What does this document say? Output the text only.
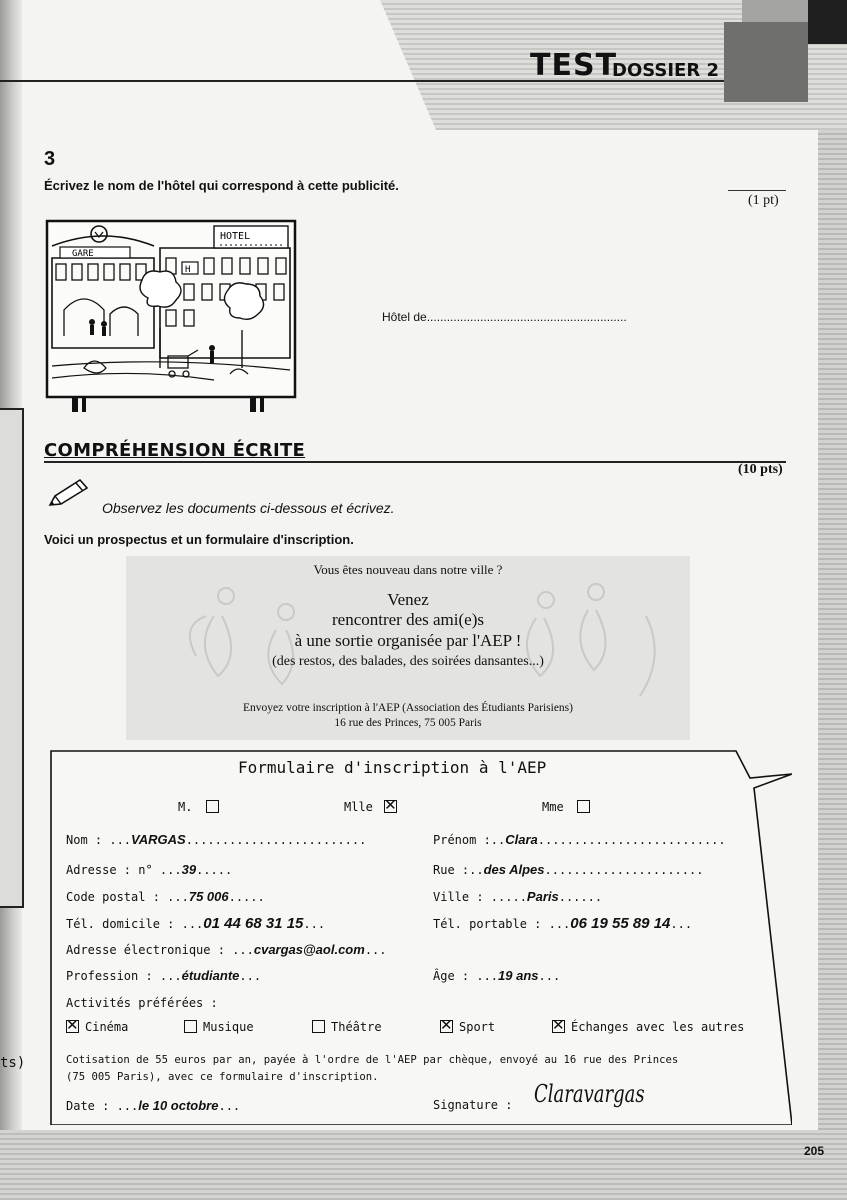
ts)
TEST
DOSSIER 2
3
Écrivez le nom de l'hôtel qui correspond à cette publicité.
(1 pt)
GARE
HOTEL
H
Hôtel de............................................................
COMPRÉHENSION ÉCRITE
(10 pts)
Observez les documents ci-dessous et écrivez.
Voici un prospectus et un formulaire d'inscription.
Vous êtes nouveau dans notre ville ?
Venez
rencontrer des ami(e)s
à une sortie organisée par l'AEP !
(des restos, des balades, des soirées dansantes...)
Envoyez votre inscription à l'AEP (Association des Étudiants Parisiens)
16 rue des Princes, 75 005 Paris
Formulaire d'inscription à l'AEP
M.	Mlle ✕	Mme
Nom : ...VARGAS.........................	Prénom :..Clara..........................
Adresse : n° ...39.....	Rue :..des Alpes......................
Code postal : ...75 006.....	Ville : .....Paris......
Tél. domicile : ...01 44 68 31 15...	Tél. portable : ...06 19 55 89 14...
Adresse électronique : ...cvargas@aol.com...
Profession : ...étudiante...	Âge : ...19 ans...
Activités préférées :
✕Cinéma	Musique	Théâtre ✕	Sport ✕	Échanges avec les autres
Cotisation de 55 euros par an, payée à l'ordre de l'AEP par chèque, envoyé au 16 rue des Princes
(75 005 Paris), avec ce formulaire d'inscription.
Date : ...le 10 octobre...	Signature : Claravargas
205
